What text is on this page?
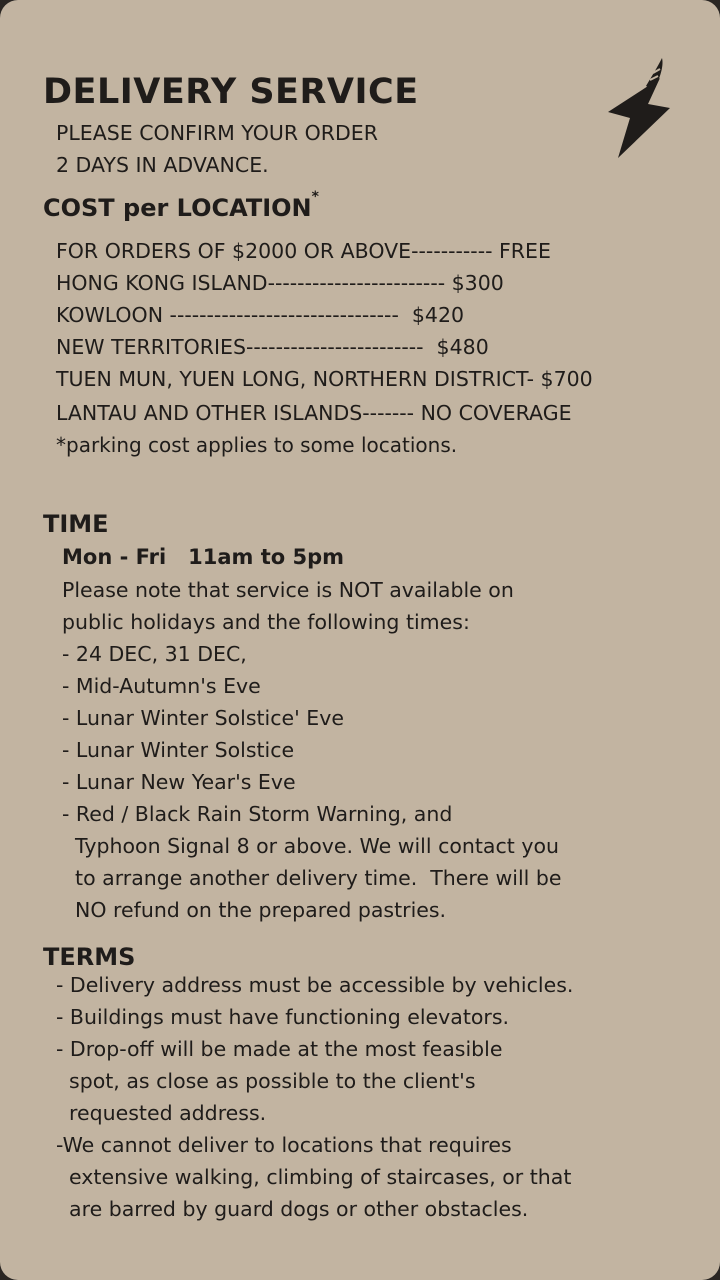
DELIVERY SERVICE
PLEASE CONFIRM YOUR ORDER
2 DAYS IN ADVANCE.
COST per LOCATION*
FOR ORDERS OF $2000 OR ABOVE----------- FREE
HONG KONG ISLAND------------------------ $300
KOWLOON -------------------------------  $420
NEW TERRITORIES------------------------  $480
TUEN MUN, YUEN LONG, NORTHERN DISTRICT- $700
LANTAU AND OTHER ISLANDS------- NO COVERAGE
*parking cost applies to some locations.
TIME
Mon - Fri   11am to 5pm
Please note that service is NOT available on
public holidays and the following times:
- 24 DEC, 31 DEC,
- Mid-Autumn's Eve
- Lunar Winter Solstice' Eve
- Lunar Winter Solstice
- Lunar New Year's Eve
- Red / Black Rain Storm Warning, and
Typhoon Signal 8 or above. We will contact you
to arrange another delivery time.  There will be
NO refund on the prepared pastries.
TERMS
- Delivery address must be accessible by vehicles.
- Buildings must have functioning elevators.
- Drop-off will be made at the most feasible
spot, as close as possible to the client's
requested address.
-We cannot deliver to locations that requires
extensive walking, climbing of staircases, or that
are barred by guard dogs or other obstacles.
